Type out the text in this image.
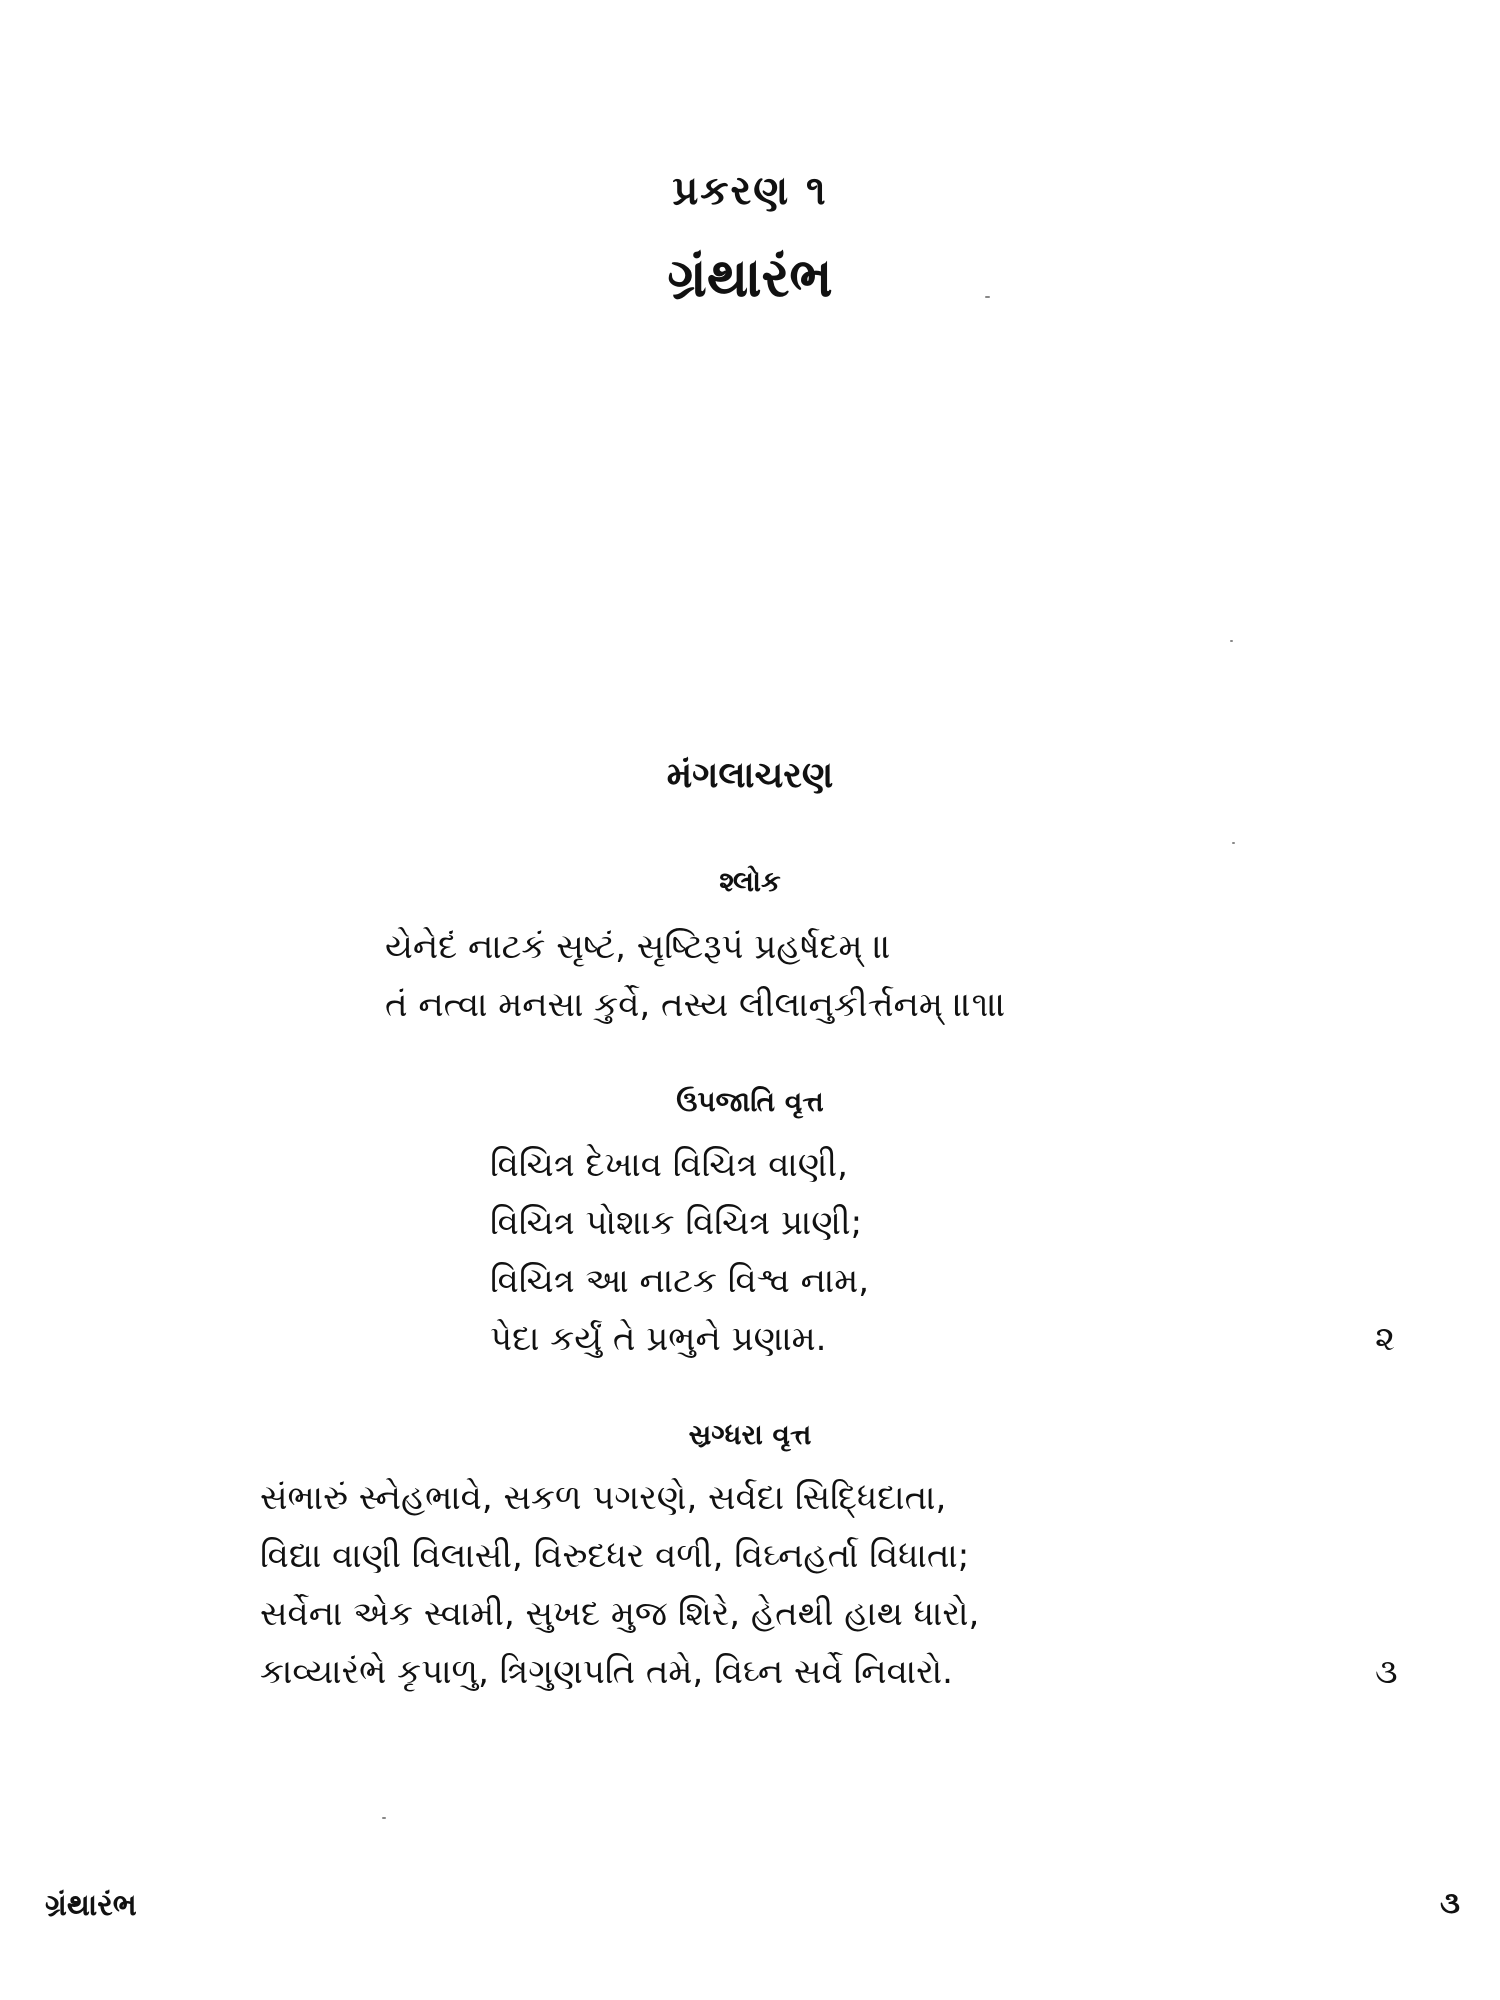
પ્રકરણ ૧
ગ્રંથારંભ
મંગલાચરણ
શ્લોક
યેનેદં નાટકં સૃષ્ટં, સૃષ્ટિરૂપં પ્રહર્ષદમ્ ॥
તં નત્વા મનસા કુર્વે, તસ્ય લીલાનુકીર્ત્તનમ્ ॥૧॥
ઉપજાતિ વૃત્ત
વિચિત્ર દેખાવ વિચિત્ર વાણી,
વિચિત્ર પોશાક વિચિત્ર પ્રાણી;
વિચિત્ર આ નાટક વિશ્વ નામ,
પેદા કર્યું તે પ્રભુને પ્રણામ.	૨
સ્રગ્ધરા વૃત્ત
સંભારું સ્નેહભાવે, સકળ પગરણે, સર્વદા સિદ્ધિદાતા,
વિદ્યા વાણી વિલાસી, વિરુદધર વળી, વિઘ્નહર્તા વિધાતા;
સર્વેના એક સ્વામી, સુખદ મુજ શિરે, હેતથી હાથ ધારો,
કાવ્યારંભે કૃપાળુ, ત્રિગુણપતિ તમે, વિઘ્ન સર્વે નિવારો.	૩
ગ્રંથારંભ	૩
